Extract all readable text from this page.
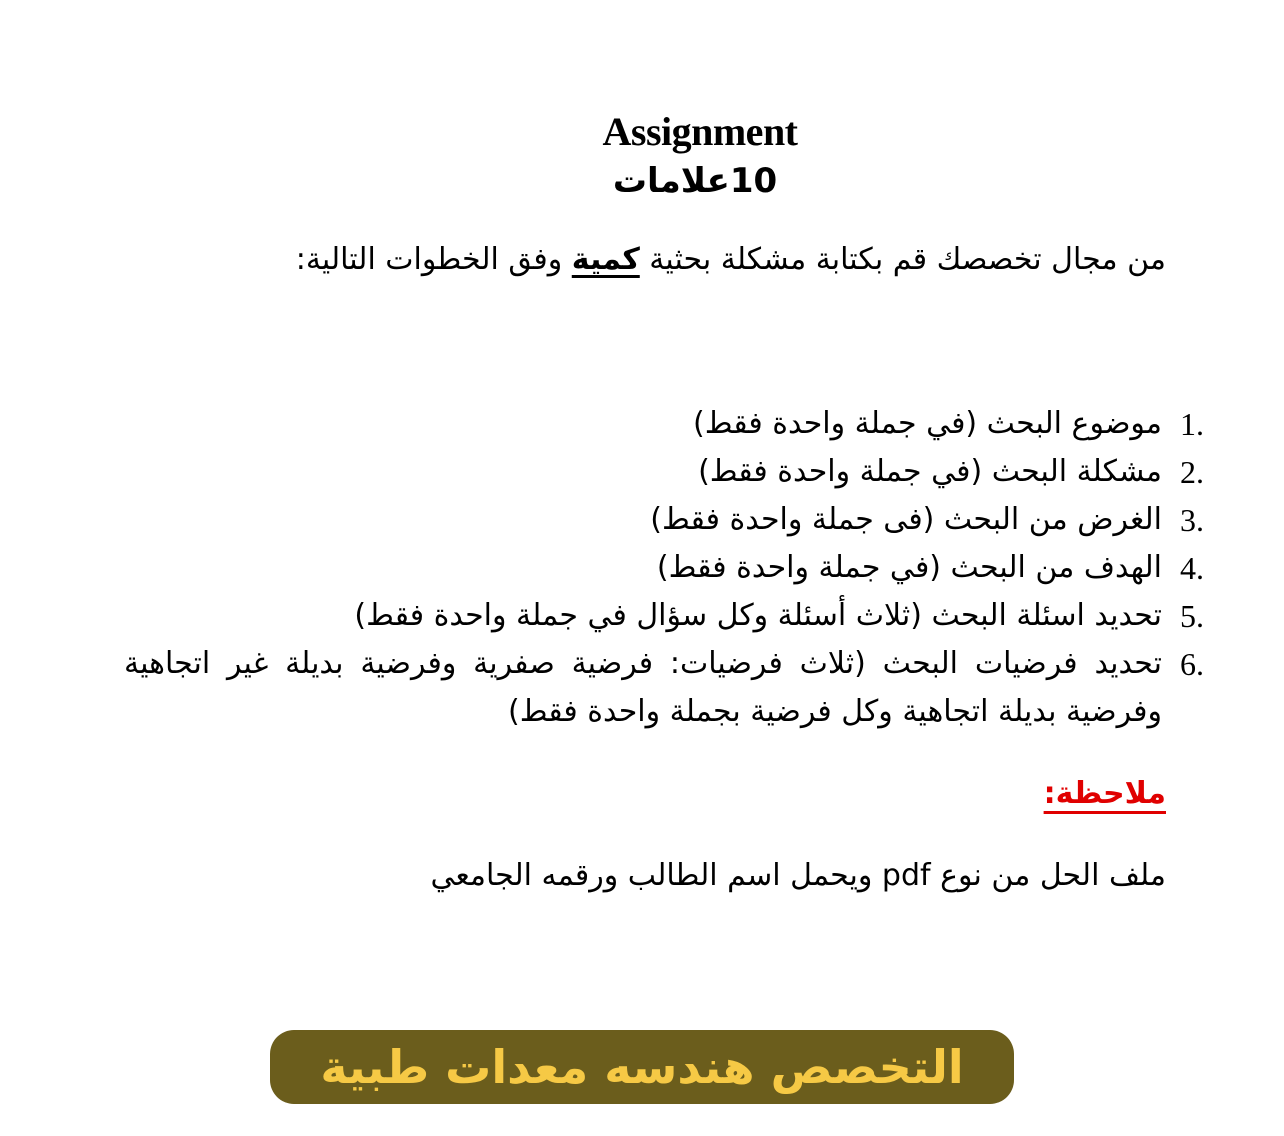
Assignment
10علامات
من مجال تخصصك قم بكتابة مشكلة بحثية كمية وفق الخطوات التالية:
1.
موضوع البحث (في جملة واحدة فقط)
2.
مشكلة البحث (في جملة واحدة فقط)
3.
الغرض من البحث (فى جملة واحدة فقط)
4.
الهدف من البحث (في جملة واحدة فقط)
5.
تحديد اسئلة البحث (ثلاث أسئلة وكل سؤال في جملة واحدة فقط)
6.
تحديد فرضيات البحث (ثلاث فرضيات: فرضية صفرية وفرضية بديلة غير اتجاهية وفرضية بديلة اتجاهية وكل فرضية بجملة واحدة فقط)
ملاحظة:
ملف الحل من نوع pdf ويحمل اسم الطالب ورقمه الجامعي
التخصص هندسه معدات طبية
